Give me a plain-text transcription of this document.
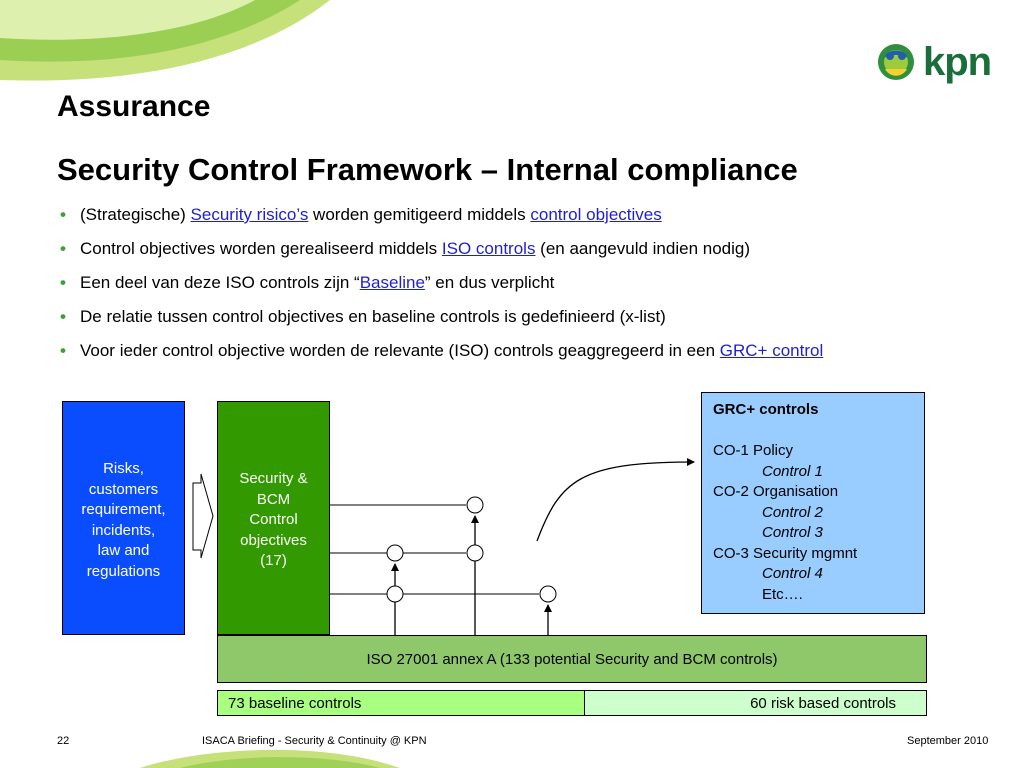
kpn
Assurance
Security Control Framework – Internal compliance
• (Strategische) Security risico’s worden gemitigeerd middels control objectives
• Control objectives worden gerealiseerd middels ISO controls (en aangevuld indien nodig)
• Een deel van deze ISO controls zijn “Baseline” en dus verplicht
• De relatie tussen control objectives en baseline controls is gedefinieerd (x-list)
• Voor ieder control objective worden de relevante (ISO) controls geaggregeerd in een GRC+ control
Risks,
customers
requirement,
incidents,
law and
regulations
Security &
BCM
Control
objectives
(17)
GRC+ controls
CO-1 Policy
Control 1
CO-2 Organisation
Control 2
Control 3
CO-3 Security mgmnt
Control 4
Etc….
ISO 27001 annex A (133 potential Security and BCM controls)
73 baseline controls	60 risk based controls
22	ISACA Briefing - Security & Continuity @ KPN	September 2010
